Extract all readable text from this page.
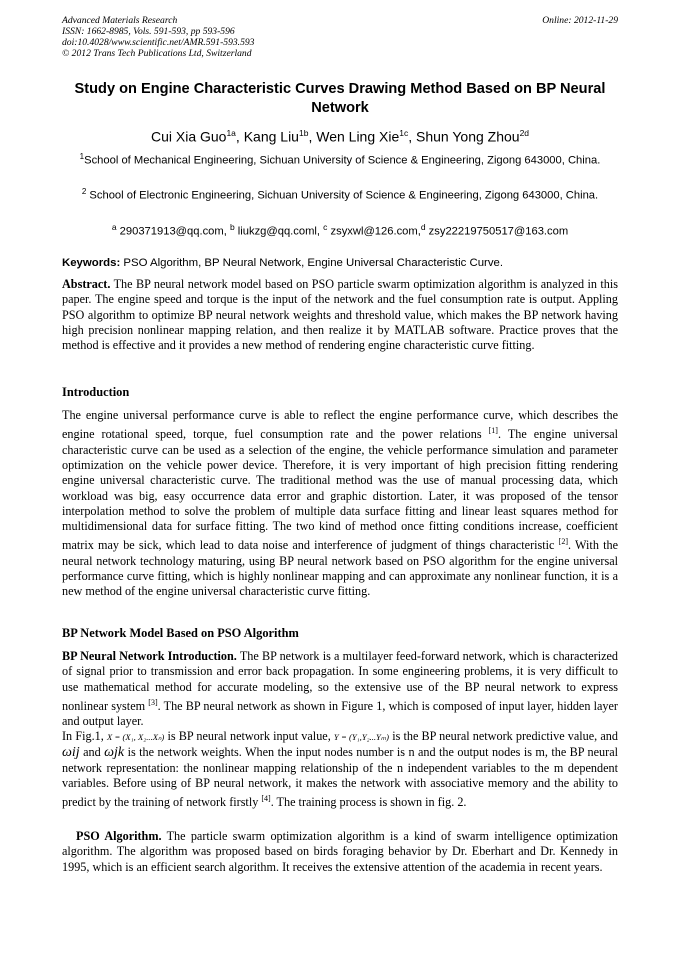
Advanced Materials Research
ISSN: 1662-8985, Vols. 591-593, pp 593-596
doi:10.4028/www.scientific.net/AMR.591-593.593
© 2012 Trans Tech Publications Ltd, Switzerland
Online: 2012-11-29
Study on Engine Characteristic Curves Drawing Method Based on BP Neural Network
Cui Xia Guo$^{1a}$, Kang Liu$^{1b}$, Wen Ling Xie$^{1c}$, Shun Yong Zhou$^{2d}$
$^1$School of Mechanical Engineering, Sichuan University of Science & Engineering, Zigong 643000, China.
$^2$ School of Electronic Engineering, Sichuan University of Science & Engineering, Zigong 643000, China.
$^a$ 290371913@qq.com, $^b$ liukzg@qq.coml, $^c$ zsyxwl@126.com,$^d$ zsy22219750517@163.com
Keywords: PSO Algorithm, BP Neural Network, Engine Universal Characteristic Curve.
Abstract. The BP neural network model based on PSO particle swarm optimization algorithm is analyzed in this paper. The engine speed and torque is the input of the network and the fuel consumption rate is output. Appling PSO algorithm to optimize BP neural network weights and threshold value, which makes the BP network having high precision nonlinear mapping relation, and then realize it by MATLAB software. Practice proves that the method is effective and it provides a new method of rendering engine characteristic curve fitting.
Introduction
The engine universal performance curve is able to reflect the engine performance curve, which describes the engine rotational speed, torque, fuel consumption rate and the power relations [1]. The engine universal characteristic curve can be used as a selection of the engine, the vehicle performance simulation and parameter optimization on the vehicle power device. Therefore, it is very important of high precision fitting rendering engine universal characteristic curve. The traditional method was the use of manual processing data, which workload was big, easy occurrence data error and graphic distortion. Later, it was proposed of the tensor interpolation method to solve the problem of multiple data surface fitting and linear least squares method for multidimensional data for surface fitting. The two kind of method once fitting conditions increase, coefficient matrix may be sick, which lead to data noise and interference of judgment of things characteristic [2]. With the neural network technology maturing, using BP neural network based on PSO algorithm for the engine universal performance curve fitting, which is highly nonlinear mapping and can approximate any nonlinear function, it is a new method of the engine universal characteristic curve fitting.
BP Network Model Based on PSO Algorithm
BP Neural Network Introduction. The BP network is a multilayer feed-forward network, which is characterized of signal prior to transmission and error back propagation. In some engineering problems, it is very difficult to use mathematical method for accurate modeling, so the extensive use of the BP neural network to express nonlinear system [3]. The BP neural network as shown in Figure 1, which is composed of input layer, hidden layer and output layer.
In Fig.1, X = (X₁, X₂...Xₙ) is BP neural network input value, Y = (Y₁,Y₂...Yₘ) is the BP neural network predictive value, and ωij and ωjk is the network weights. When the input nodes number is n and the output nodes is m, the BP neural network representation: the nonlinear mapping relationship of the n independent variables to the m dependent variables. Before using of BP neural network, it makes the network with associative memory and the ability to predict by the training of network firstly [4]. The training process is shown in fig. 2.
PSO Algorithm. The particle swarm optimization algorithm is a kind of swarm intelligence optimization algorithm. The algorithm was proposed based on birds foraging behavior by Dr. Eberhart and Dr. Kennedy in 1995, which is an efficient search algorithm. It receives the extensive attention of the academia in recent years.
